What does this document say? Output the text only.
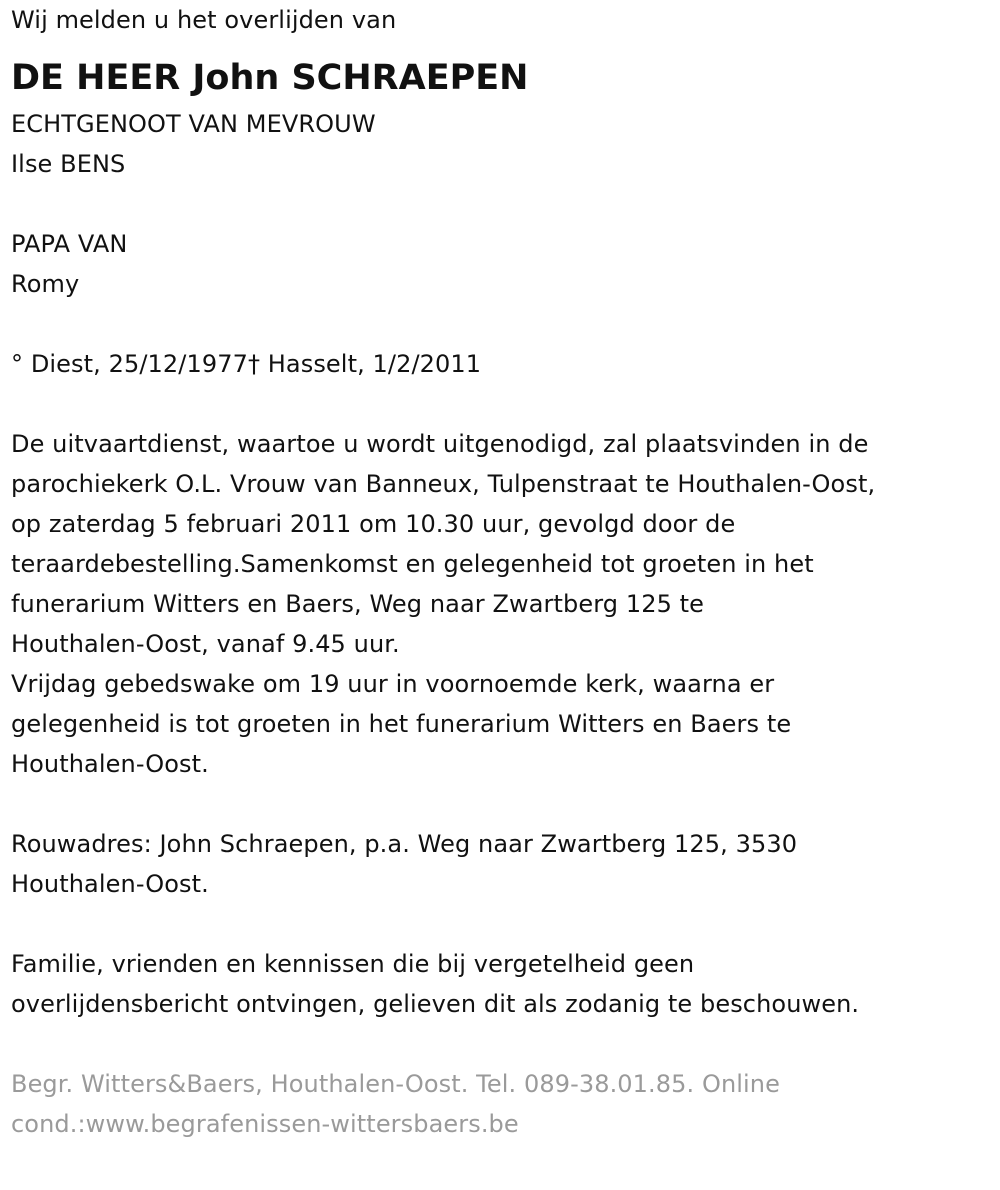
Wij melden u het overlijden van
DE HEER John SCHRAEPEN
ECHTGENOOT VAN MEVROUW
Ilse BENS
PAPA VAN
Romy
° Diest, 25/12/1977† Hasselt, 1/2/2011
De uitvaartdienst, waartoe u wordt uitgenodigd, zal plaatsvinden in de
parochiekerk O.L. Vrouw van Banneux, Tulpenstraat te Houthalen-Oost,
op zaterdag 5 februari 2011 om 10.30 uur, gevolgd door de
teraardebestelling.Samenkomst en gelegenheid tot groeten in het
funerarium Witters en Baers, Weg naar Zwartberg 125 te
Houthalen-Oost, vanaf 9.45 uur.
Vrijdag gebedswake om 19 uur in voornoemde kerk, waarna er
gelegenheid is tot groeten in het funerarium Witters en Baers te
Houthalen-Oost.
Rouwadres: John Schraepen, p.a. Weg naar Zwartberg 125, 3530
Houthalen-Oost.
Familie, vrienden en kennissen die bij vergetelheid geen
overlijdensbericht ontvingen, gelieven dit als zodanig te beschouwen.
Begr. Witters&Baers, Houthalen-Oost. Tel. 089-38.01.85. Online
cond.:www.begrafenissen-wittersbaers.be
